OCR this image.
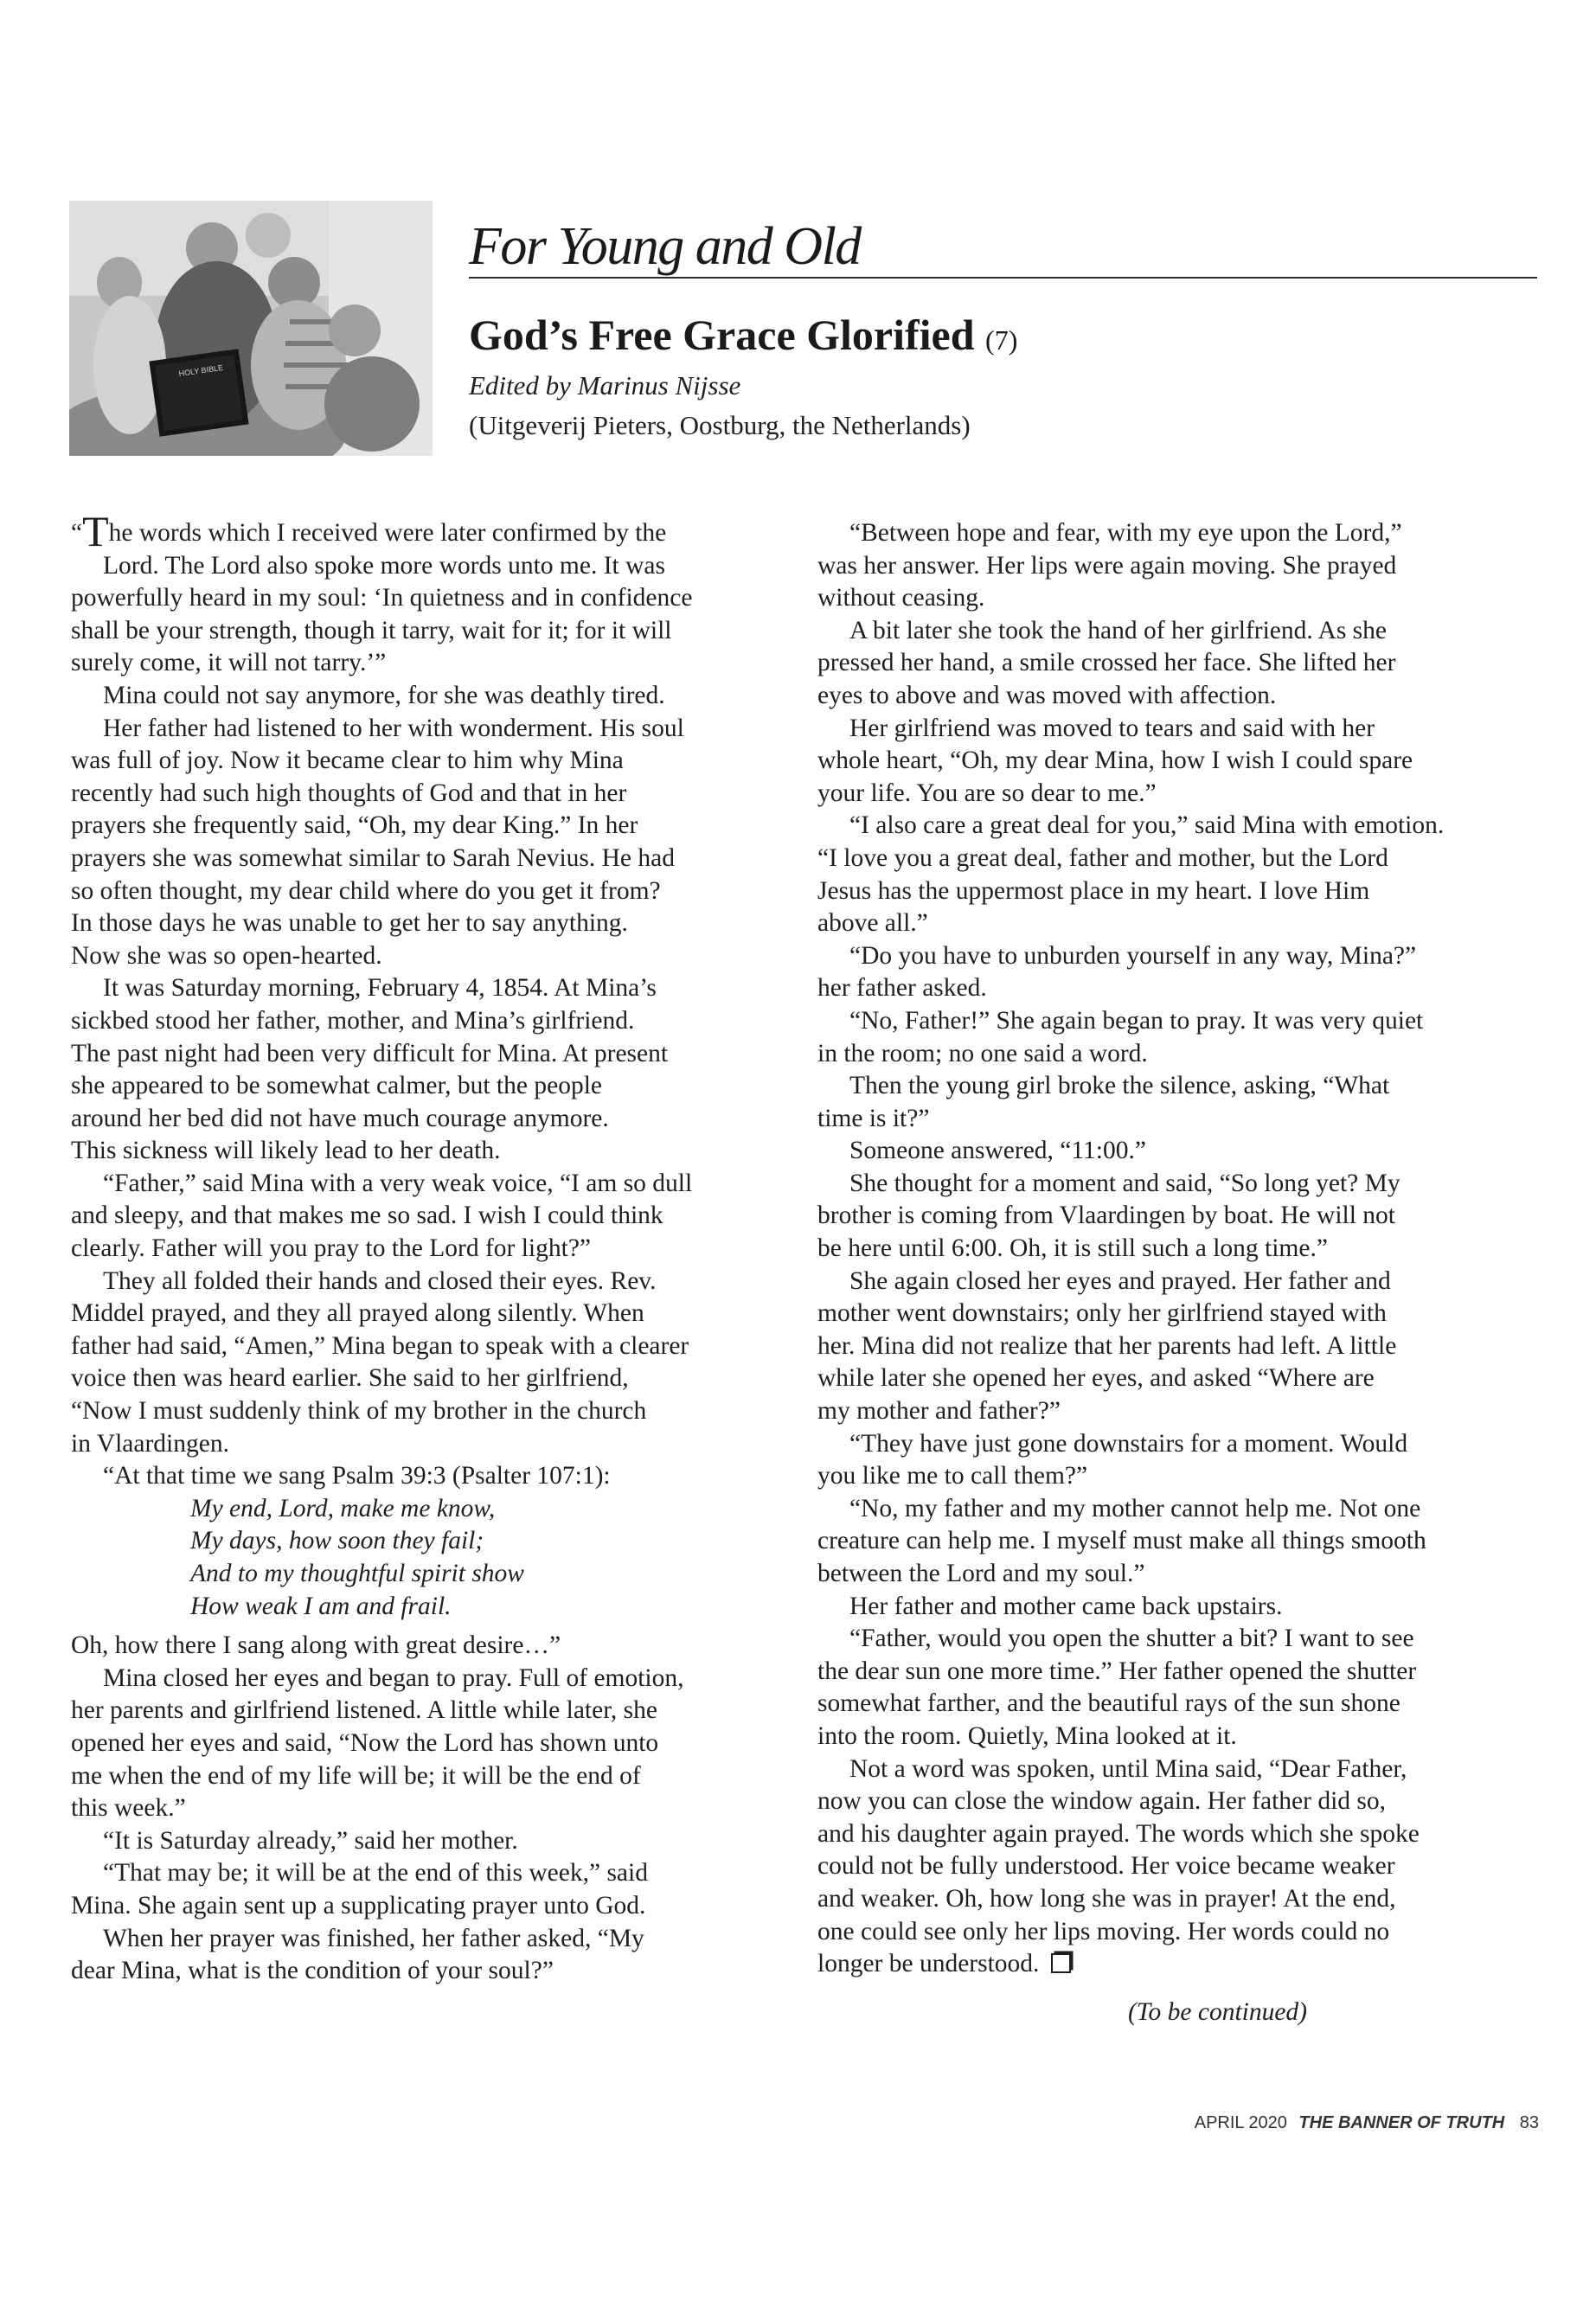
HOLY BIBLE
For Young and Old
God’s Free Grace Glorified (7)
Edited by Marinus Nijsse
(Uitgeverij Pieters, Oostburg, the Netherlands)
“The words which I received were later confirmed by the
Lord. The Lord also spoke more words unto me. It was
powerfully heard in my soul: ‘In quietness and in confidence
shall be your strength, though it tarry, wait for it; for it will
surely come, it will not tarry.’”
Mina could not say anymore, for she was deathly tired.
Her father had listened to her with wonderment. His soul
was full of joy. Now it became clear to him why Mina
recently had such high thoughts of God and that in her
prayers she frequently said, “Oh, my dear King.” In her
prayers she was somewhat similar to Sarah Nevius. He had
so often thought, my dear child where do you get it from?
In those days he was unable to get her to say anything.
Now she was so open-hearted.
It was Saturday morning, February 4, 1854. At Mina’s
sickbed stood her father, mother, and Mina’s girlfriend.
The past night had been very difficult for Mina. At present
she appeared to be somewhat calmer, but the people
around her bed did not have much courage anymore.
This sickness will likely lead to her death.
“Father,” said Mina with a very weak voice, “I am so dull
and sleepy, and that makes me so sad. I wish I could think
clearly. Father will you pray to the Lord for light?”
They all folded their hands and closed their eyes. Rev.
Middel prayed, and they all prayed along silently. When
father had said, “Amen,” Mina began to speak with a clearer
voice then was heard earlier. She said to her girlfriend,
“Now I must suddenly think of my brother in the church
in Vlaardingen.
“At that time we sang Psalm 39:3 (Psalter 107:1):
My end, Lord, make me know,
My days, how soon they fail;
And to my thoughtful spirit show
How weak I am and frail.
Oh, how there I sang along with great desire…”
Mina closed her eyes and began to pray. Full of emotion,
her parents and girlfriend listened. A little while later, she
opened her eyes and said, “Now the Lord has shown unto
me when the end of my life will be; it will be the end of
this week.”
“It is Saturday already,” said her mother.
“That may be; it will be at the end of this week,” said
Mina. She again sent up a supplicating prayer unto God.
When her prayer was finished, her father asked, “My
dear Mina, what is the condition of your soul?”
“Between hope and fear, with my eye upon the Lord,”
was her answer. Her lips were again moving. She prayed
without ceasing.
A bit later she took the hand of her girlfriend. As she
pressed her hand, a smile crossed her face. She lifted her
eyes to above and was moved with affection.
Her girlfriend was moved to tears and said with her
whole heart, “Oh, my dear Mina, how I wish I could spare
your life. You are so dear to me.”
“I also care a great deal for you,” said Mina with emotion.
“I love you a great deal, father and mother, but the Lord
Jesus has the uppermost place in my heart. I love Him
above all.”
“Do you have to unburden yourself in any way, Mina?”
her father asked.
“No, Father!” She again began to pray. It was very quiet
in the room; no one said a word.
Then the young girl broke the silence, asking, “What
time is it?”
Someone answered, “11:00.”
She thought for a moment and said, “So long yet? My
brother is coming from Vlaardingen by boat. He will not
be here until 6:00. Oh, it is still such a long time.”
She again closed her eyes and prayed. Her father and
mother went downstairs; only her girlfriend stayed with
her. Mina did not realize that her parents had left. A little
while later she opened her eyes, and asked “Where are
my mother and father?”
“They have just gone downstairs for a moment. Would
you like me to call them?”
“No, my father and my mother cannot help me. Not one
creature can help me. I myself must make all things smooth
between the Lord and my soul.”
Her father and mother came back upstairs.
“Father, would you open the shutter a bit? I want to see
the dear sun one more time.” Her father opened the shutter
somewhat farther, and the beautiful rays of the sun shone
into the room. Quietly, Mina looked at it.
Not a word was spoken, until Mina said, “Dear Father,
now you can close the window again. Her father did so,
and his daughter again prayed. The words which she spoke
could not be fully understood. Her voice became weaker
and weaker. Oh, how long she was in prayer! At the end,
one could see only her lips moving. Her words could no
longer be understood.
(To be continued)
APRIL 2020 THE BANNER OF TRUTH 83
